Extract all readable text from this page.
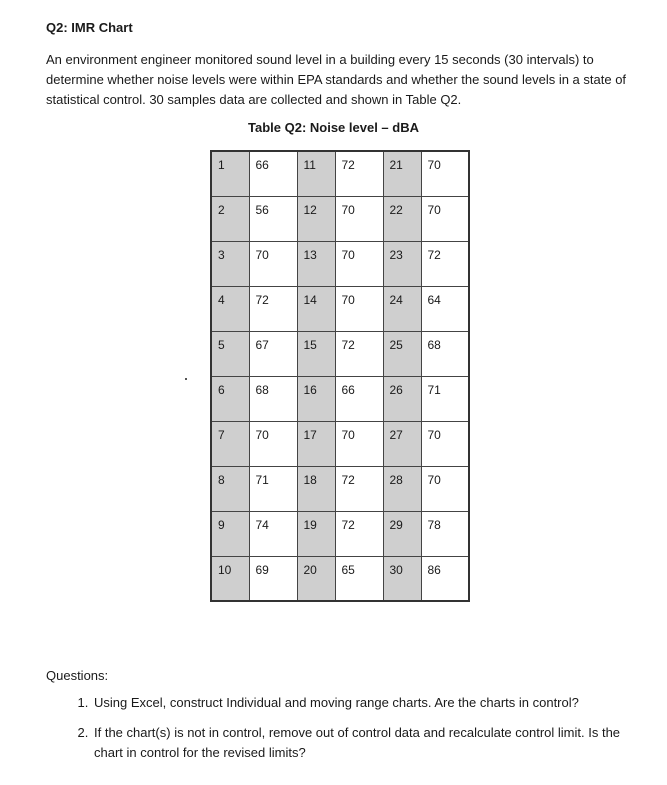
Q2: IMR Chart
An environment engineer monitored sound level in a building every 15 seconds (30 intervals) to determine whether noise levels were within EPA standards and whether the sound levels in a state of statistical control. 30 samples data are collected and shown in Table Q2.
Table Q2: Noise level – dBA
1	66	11	72	21	70
2	56	12	70	22	70
3	70	13	70	23	72
4	72	14	70	24	64
5	67	15	72	25	68
6	68	16	66	26	71
7	70	17	70	27	70
8	71	18	72	28	70
9	74	19	72	29	78
10	69	20	65	30	86
Questions:
1. Using Excel, construct Individual and moving range charts. Are the charts in control?
2. If the chart(s) is not in control, remove out of control data and recalculate control limit. Is the chart in control for the revised limits?
